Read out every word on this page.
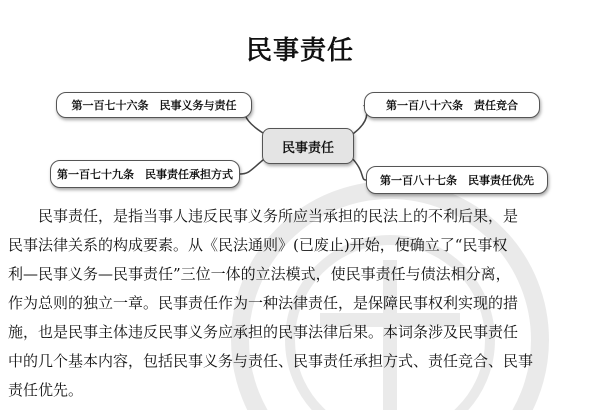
民事责任
民事责任
第一百七十六条　民事义务与责任	第一百八十六条　责任竞合
第一百七十九条　民事责任承担方式	第一百八十七条　民事责任优先

　　民事责任，是指当事人违反民事义务所应当承担的民法上的不利后果，是
民事法律关系的构成要素。从《民法通则》(已废止)开始，便确立了“民事权
利—民事义务—民事责任”三位一体的立法模式，使民事责任与债法相分离，
作为总则的独立一章。民事责任作为一种法律责任，是保障民事权利实现的措
施，也是民事主体违反民事义务应承担的民事法律后果。本词条涉及民事责任
中的几个基本内容，包括民事义务与责任、民事责任承担方式、责任竞合、民事
责任优先。
